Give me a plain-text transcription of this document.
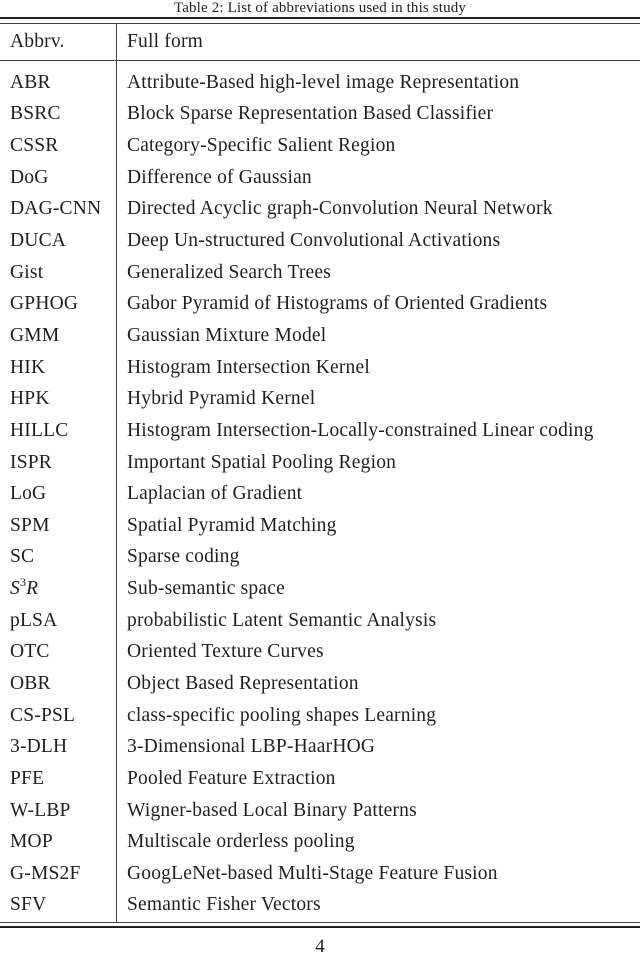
Table 2: List of abbreviations used in this study
Abbrv.	Full form
ABR	Attribute-Based high-level image Representation
BSRC	Block Sparse Representation Based Classifier
CSSR	Category-Specific Salient Region
DoG	Difference of Gaussian
DAG-CNN	Directed Acyclic graph-Convolution Neural Network
DUCA	Deep Un-structured Convolutional Activations
Gist	Generalized Search Trees
GPHOG	Gabor Pyramid of Histograms of Oriented Gradients
GMM	Gaussian Mixture Model
HIK	Histogram Intersection Kernel
HPK	Hybrid Pyramid Kernel
HILLC	Histogram Intersection-Locally-constrained Linear coding
ISPR	Important Spatial Pooling Region
LoG	Laplacian of Gradient
SPM	Spatial Pyramid Matching
SC	Sparse coding
$S^3R$	Sub-semantic space
pLSA	probabilistic Latent Semantic Analysis
OTC	Oriented Texture Curves
OBR	Object Based Representation
CS-PSL	class-specific pooling shapes Learning
3-DLH	3-Dimensional LBP-HaarHOG
PFE	Pooled Feature Extraction
W-LBP	Wigner-based Local Binary Patterns
MOP	Multiscale orderless pooling
G-MS2F	GoogLeNet-based Multi-Stage Feature Fusion
SFV	Semantic Fisher Vectors
4
